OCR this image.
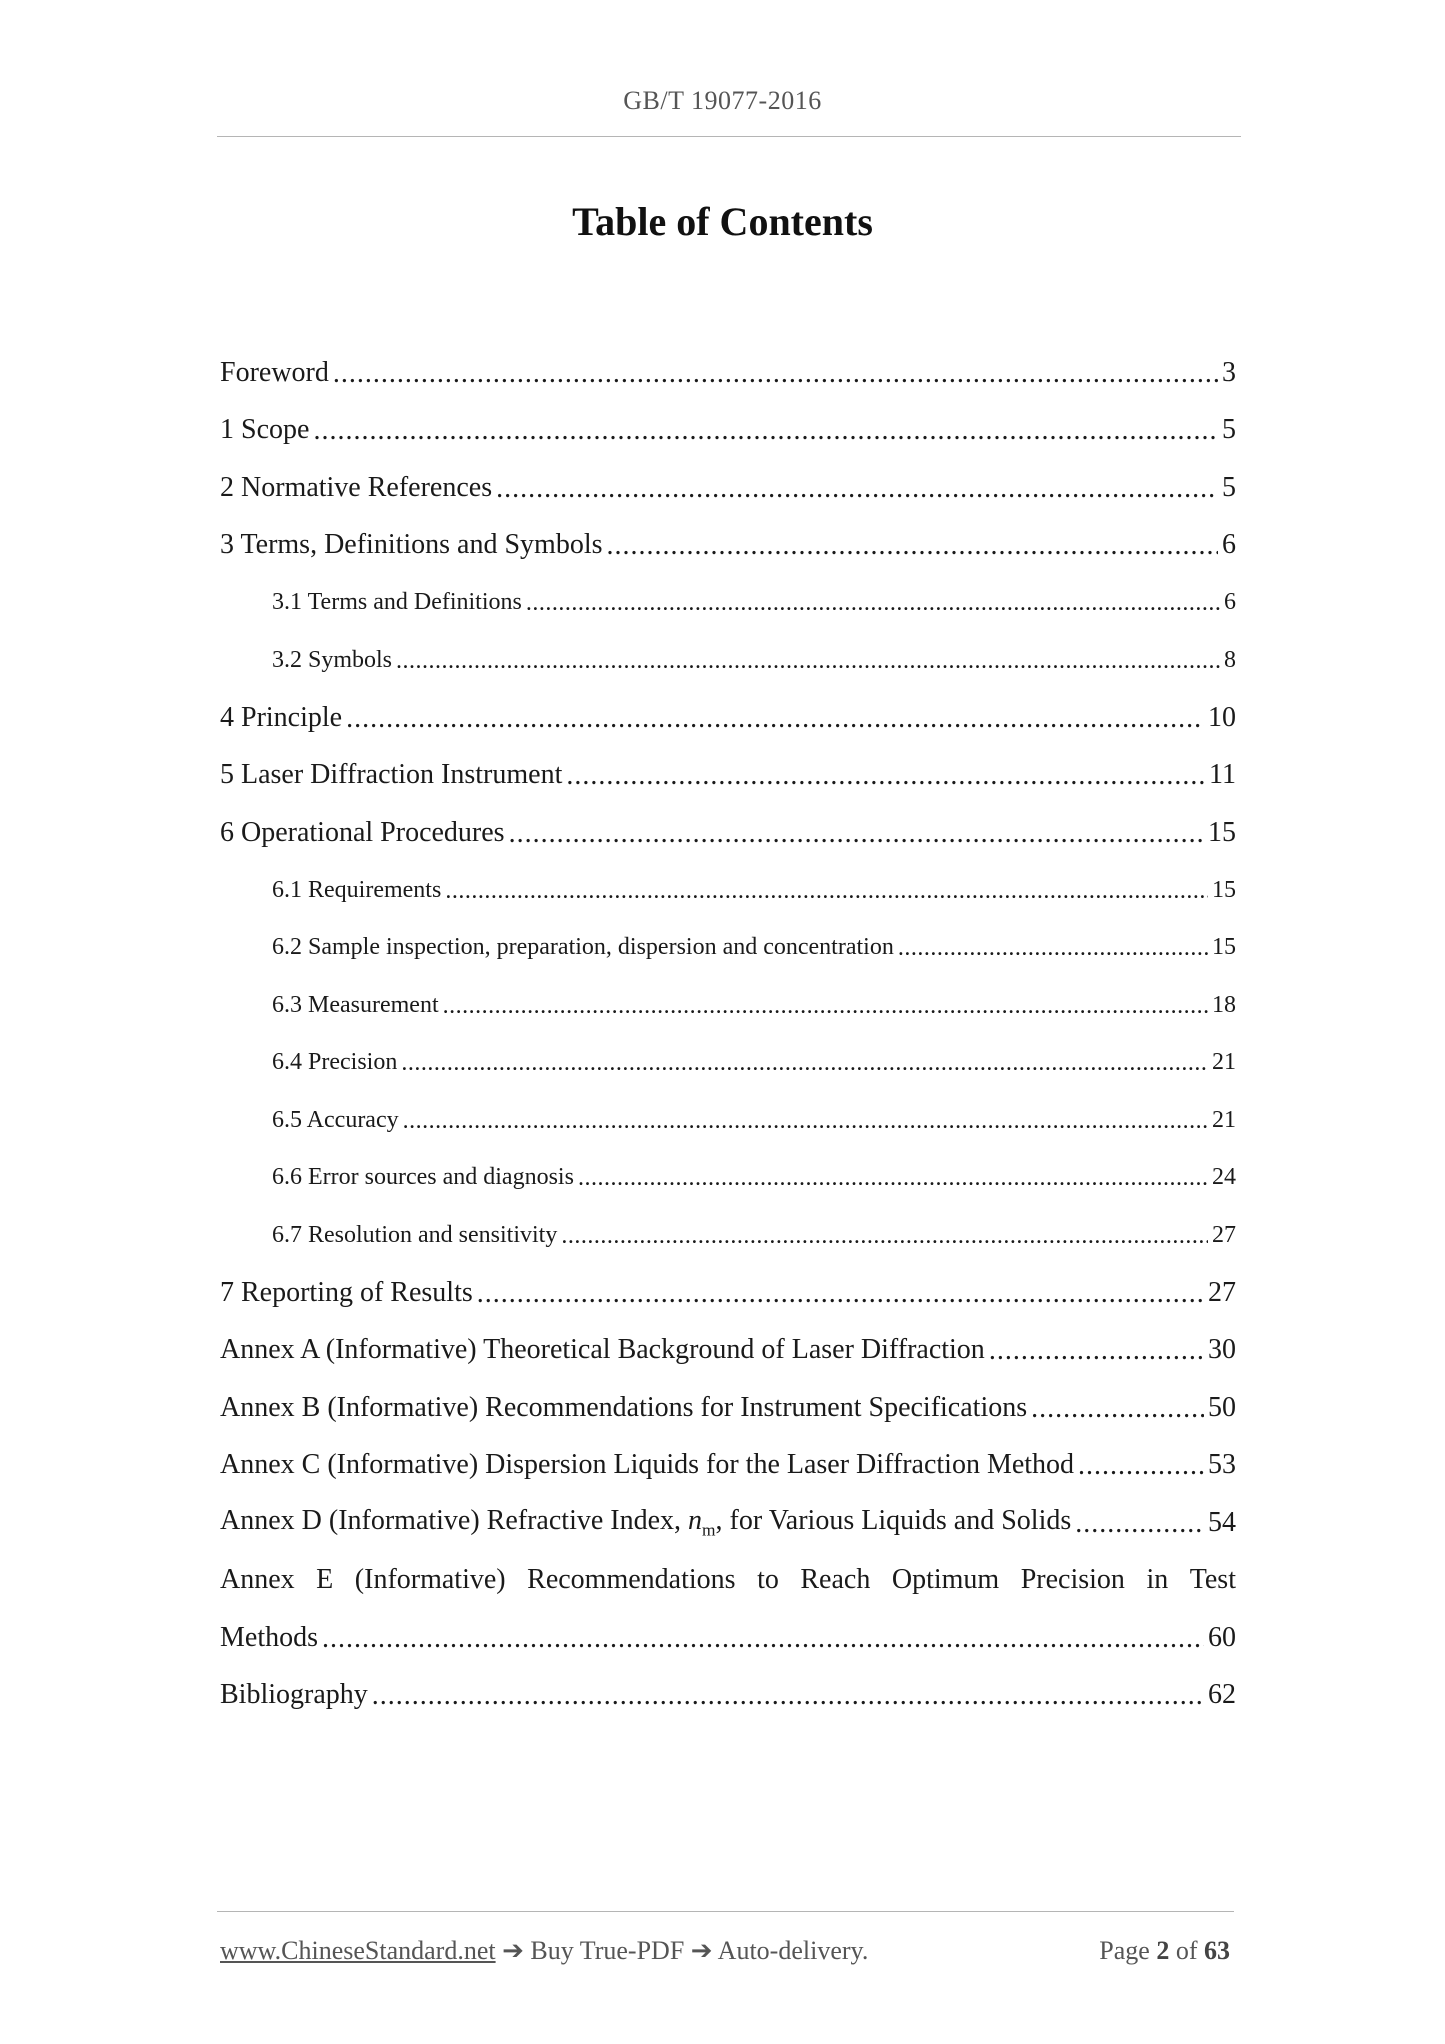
GB/T 19077-2016
Table of Contents
Foreword .....	3
1 Scope .....	5
2 Normative References .....	5
3 Terms, Definitions and Symbols .....	6
3.1 Terms and Definitions .....	6
3.2 Symbols .....	8
4 Principle .....	10
5 Laser Diffraction Instrument .....	11
6 Operational Procedures .....	15
6.1 Requirements .....	15
6.2 Sample inspection, preparation, dispersion and concentration .....	15
6.3 Measurement .....	18
6.4 Precision .....	21
6.5 Accuracy .....	21
6.6 Error sources and diagnosis .....	24
6.7 Resolution and sensitivity .....	27
7 Reporting of Results .....	27
Annex A (Informative) Theoretical Background of Laser Diffraction .....	30
Annex B (Informative) Recommendations for Instrument Specifications .....	50
Annex C (Informative) Dispersion Liquids for the Laser Diffraction Method .....	53
Annex D (Informative) Refractive Index, $n_m$, for Various Liquids and Solids .....	54
Annex E (Informative) Recommendations to Reach Optimum Precision in Test
Methods .....	60
Bibliography .....	62
www.ChineseStandard.net ➔ Buy True-PDF ➔ Auto-delivery.	Page 2 of 63
